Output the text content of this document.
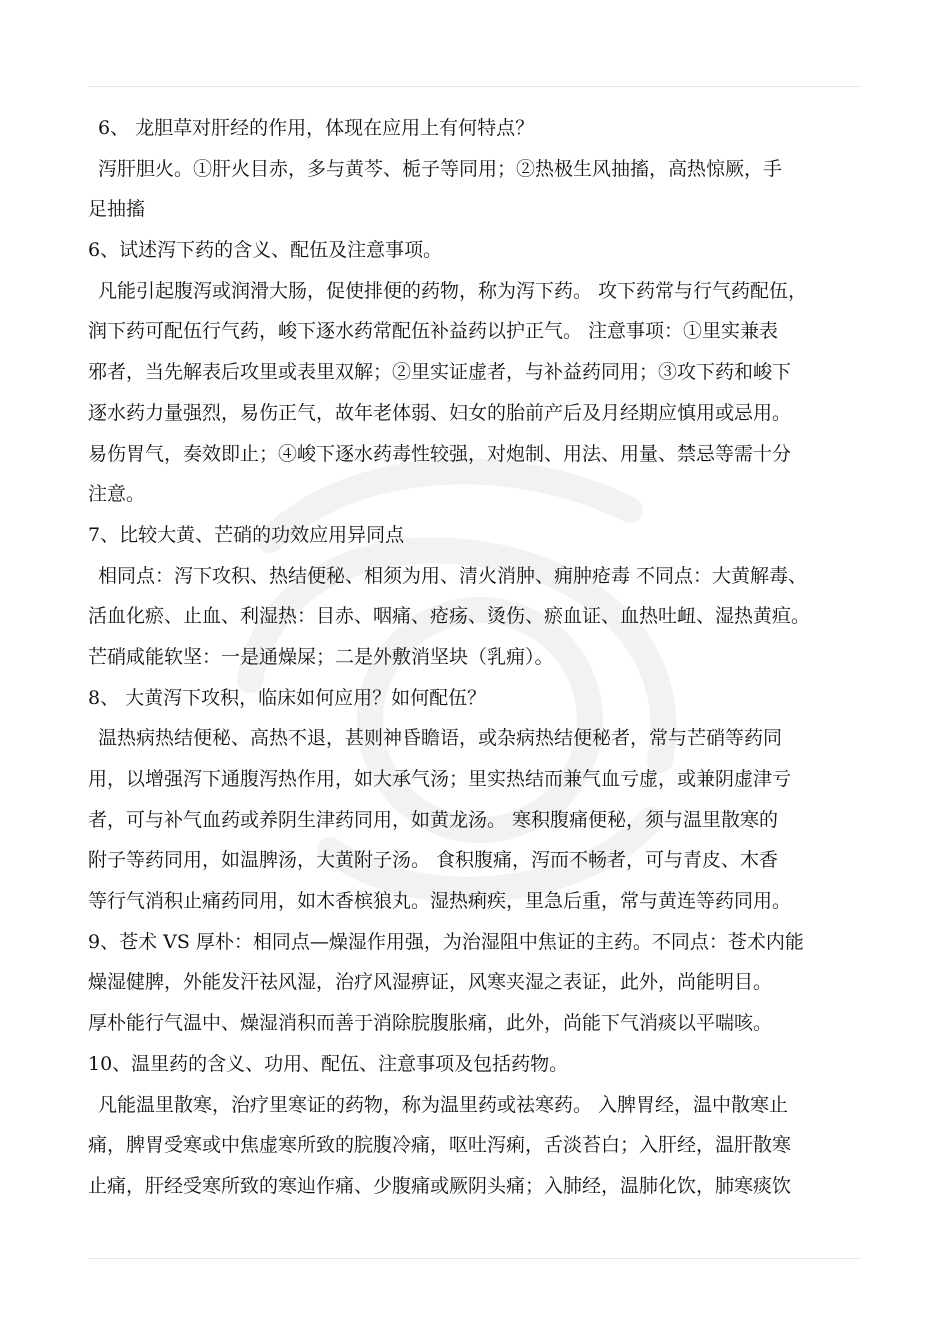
6、 龙胆草对肝经的作用，体现在应用上有何特点？
泻肝胆火。①肝火目赤，多与黄芩、栀子等同用；②热极生风抽搐，高热惊厥，手
足抽搐
6、试述泻下药的含义、配伍及注意事项。
凡能引起腹泻或润滑大肠，促使排便的药物，称为泻下药。 攻下药常与行气药配伍，
润下药可配伍行气药，峻下逐水药常配伍补益药以护正气。 注意事项：①里实兼表
邪者，当先解表后攻里或表里双解；②里实证虚者，与补益药同用；③攻下药和峻下
逐水药力量强烈，易伤正气，故年老体弱、妇女的胎前产后及月经期应慎用或忌用。
易伤胃气，奏效即止；④峻下逐水药毒性较强，对炮制、用法、用量、禁忌等需十分
注意。
7、比较大黄、芒硝的功效应用异同点
相同点：泻下攻积、热结便秘、相须为用、清火消肿、痈肿疮毒 不同点：大黄解毒、
活血化瘀、止血、利湿热：目赤、咽痛、疮疡、烫伤、瘀血证、血热吐衄、湿热黄疸。
芒硝咸能软坚：一是通燥屎；二是外敷消坚块（乳痈）。
8、 大黄泻下攻积，临床如何应用？如何配伍？
温热病热结便秘、高热不退，甚则神昏瞻语，或杂病热结便秘者，常与芒硝等药同
用，以增强泻下通腹泻热作用，如大承气汤；里实热结而兼气血亏虚，或兼阴虚津亏
者，可与补气血药或养阴生津药同用，如黄龙汤。 寒积腹痛便秘，须与温里散寒的
附子等药同用，如温脾汤，大黄附子汤。 食积腹痛，泻而不畅者，可与青皮、木香
等行气消积止痛药同用，如木香槟狼丸。湿热痢疾，里急后重，常与黄连等药同用。
9、苍术 VS 厚朴：相同点—燥湿作用强，为治湿阻中焦证的主药。不同点：苍术内能
燥湿健脾，外能发汗祛风湿，治疗风湿痹证，风寒夹湿之表证，此外，尚能明目。
厚朴能行气温中、燥湿消积而善于消除脘腹胀痛，此外，尚能下气消痰以平喘咳。
10、温里药的含义、功用、配伍、注意事项及包括药物。
凡能温里散寒，治疗里寒证的药物，称为温里药或祛寒药。 入脾胃经，温中散寒止
痛，脾胃受寒或中焦虚寒所致的脘腹冷痛，呕吐泻痢，舌淡苔白；入肝经，温肝散寒
止痛，肝经受寒所致的寒辿作痛、少腹痛或厥阴头痛；入肺经，温肺化饮，肺寒痰饮
